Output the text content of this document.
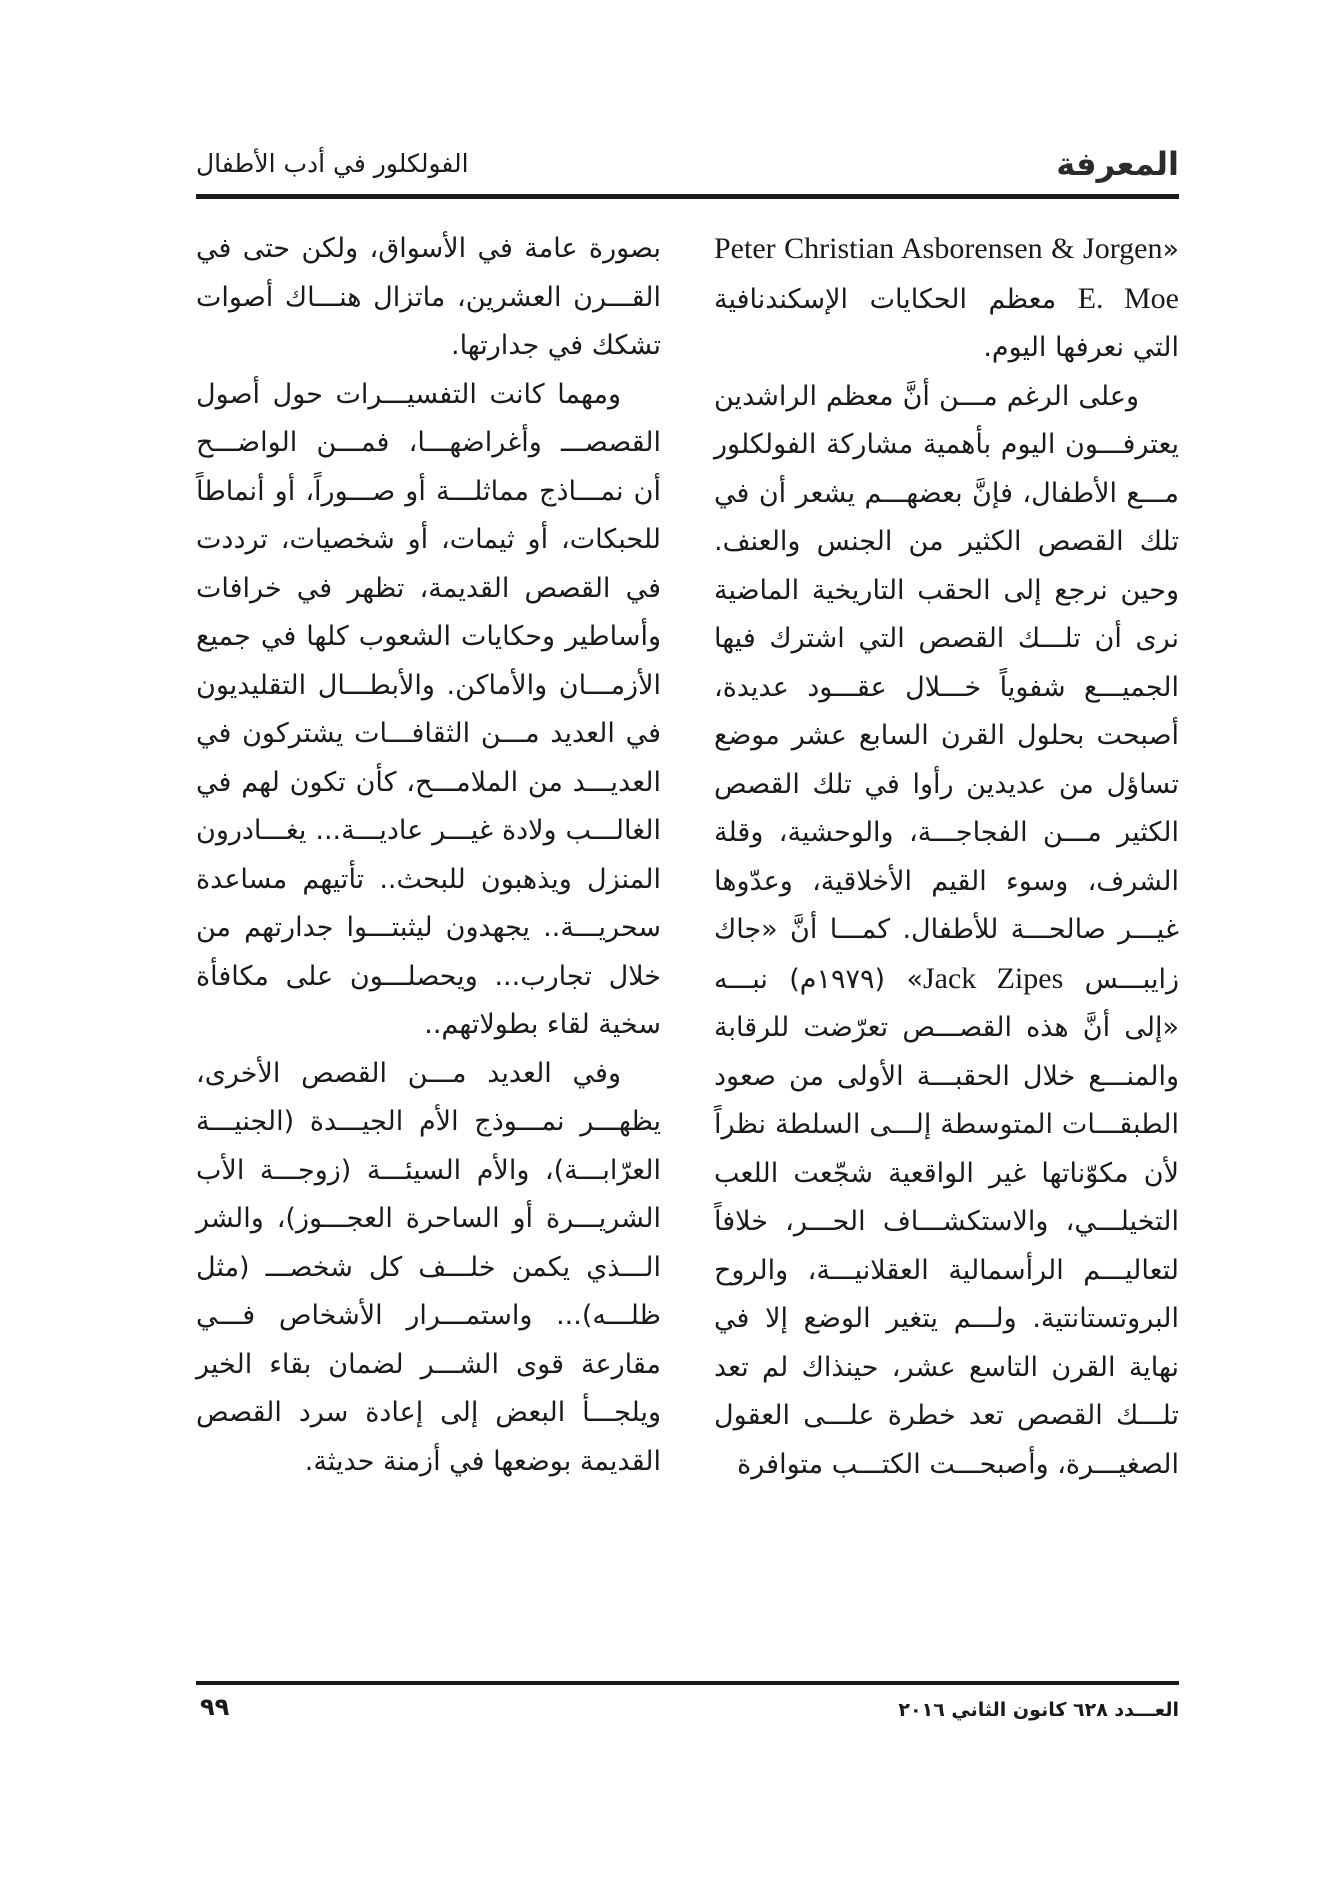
الفولكلور في أدب الأطفال	المعرفة

«Peter Christian Asborensen & Jorgen E. Moe معظم الحكايات الإسكندنافية التي نعرفها اليوم.

وعلى الرغم مـــن أنَّ معظم الراشدين يعترفـــون اليوم بأهمية مشاركة الفولكلور مـــع الأطفال، فإنَّ بعضهـــم يشعر أن في تلك القصص الكثير من الجنس والعنف. وحين نرجع إلى الحقب التاريخية الماضية نرى أن تلـــك القصص التي اشترك فيها الجميـــع شفوياً خـــلال عقـــود عديدة، أصبحت بحلول القرن السابع عشر موضع تساؤل من عديدين رأوا في تلك القصص الكثير مـــن الفجاجـــة، والوحشية، وقلة الشرف، وسوء القيم الأخلاقية، وعدّوها غيـــر صالحـــة للأطفال. كمـــا أنَّ «جاك زايبـــس Jack Zipes» (١٩٧٩م) نبـــه «إلى أنَّ هذه القصـــص تعرّضت للرقابة والمنـــع خلال الحقبـــة الأولى من صعود الطبقـــات المتوسطة إلـــى السلطة نظراً لأن مكوّناتها غير الواقعية شجّعت اللعب التخيلـــي، والاستكشـــاف الحـــر، خلافاً لتعاليـــم الرأسمالية العقلانيـــة، والروح البروتستانتية. ولـــم يتغير الوضع إلا في نهاية القرن التاسع عشر، حينذاك لم تعد تلـــك القصص تعد خطرة علـــى العقول الصغيـــرة، وأصبحـــت الكتـــب متوافرة

بصورة عامة في الأسواق، ولكن حتى في القـــرن العشرين، ماتزال هنـــاك أصوات تشكك في جدارتها.

ومهما كانت التفسيـــرات حول أصول القصصـــ وأغراضهـــا، فمـــن الواضـــح أن نمـــاذج مماثلـــة أو صـــوراً، أو أنماطاً للحبكات، أو ثيمات، أو شخصيات، ترددت في القصص القديمة، تظهر في خرافات وأساطير وحكايات الشعوب كلها في جميع الأزمـــان والأماكن. والأبطـــال التقليديون في العديد مـــن الثقافـــات يشتركون في العديـــد من الملامـــح، كأن تكون لهم في الغالـــب ولادة غيـــر عاديـــة... يغـــادرون المنزل ويذهبون للبحث.. تأتيهم مساعدة سحريـــة.. يجهدون ليثبتـــوا جدارتهم من خلال تجارب... ويحصلـــون على مكافأة سخية لقاء بطولاتهم..

وفي العديد مـــن القصص الأخرى، يظهـــر نمـــوذج الأم الجيـــدة (الجنيـــة العرّابـــة)، والأم السيئـــة (زوجـــة الأب الشريـــرة أو الساحرة العجـــوز)، والشر الـــذي يكمن خلـــف كل شخصـــ (مثل ظلـــه)... واستمـــرار الأشخاص فـــي مقارعة قوى الشـــر لضمان بقاء الخير ويلجـــأ البعض إلى إعادة سرد القصص القديمة بوضعها في أزمنة حديثة.

العـــدد ٦٢٨ كانون الثاني ٢٠١٦
٩٩
